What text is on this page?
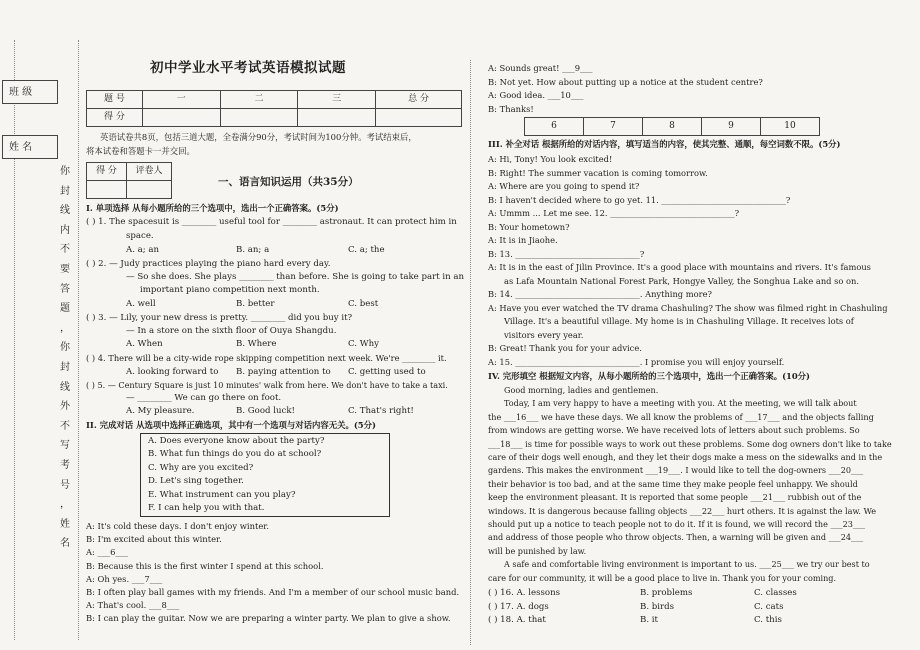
班 级
姓 名
你
封
线
内
不
要
答
题
，
你
封
线
外
不
写
考
号
，
姓
名
初中学业水平考试英语模拟试题
题 号	一	二	三	总 分
得 分				
英语试卷共8页，包括三道大题，全卷满分90分，考试时间为100分钟。考试结束后，
将本试卷和答题卡一并交回。
得 分	评卷人

一、语言知识运用（共35分）
I. 单项选择 从每小题所给的三个选项中，选出一个正确答案。(5分)
( ) 1. The spacesuit is ________ useful tool for ________ astronaut. It can protect him in
space.
A. a; an	B. an; a	C. a; the
( ) 2. — Judy practices playing the piano hard every day.
— So she does. She plays ________ than before. She is going to take part in an
important piano competition next month.
A. well	B. better	C. best
( ) 3. — Lily, your new dress is pretty. ________ did you buy it?
— In a store on the sixth floor of Ouya Shangdu.
A. When	B. Where	C. Why
( ) 4. There will be a city-wide rope skipping competition next week. We're ________ it.
A. looking forward to B. paying attention to C. getting used to
( ) 5. — Century Square is just 10 minutes' walk from here. We don't have to take a taxi.
— ________ We can go there on foot.
A. My pleasure.	B. Good luck!	C. That's right!
II. 完成对话 从选项中选择正确选项，其中有一个选项与对话内容无关。(5分)
A. Does everyone know about the party?
B. What fun things do you do at school?
C. Why are you excited?
D. Let's sing together.
E. What instrument can you play?
F. I can help you with that.
A: It's cold these days. I don't enjoy winter.
B: I'm excited about this winter.
A: ___6___
B: Because this is the first winter I spend at this school.
A: Oh yes. ___7___
B: I often play ball games with my friends. And I'm a member of our school music band.
A: That's cool. ___8___
B: I can play the guitar. Now we are preparing a winter party. We plan to give a show.
A: Sounds great! ___9___
B: Not yet. How about putting up a notice at the student centre?
A: Good idea. ___10___
B: Thanks!
6	7	8	9	10
III. 补全对话 根据所给的对话内容，填写适当的内容，使其完整、通顺，每空词数不限。(5分)
A: Hi, Tony! You look excited!
B: Right! The summer vacation is coming tomorrow.
A: Where are you going to spend it?
B: I haven't decided where to go yet. 11. ______________________________?
A: Ummm ... Let me see. 12. ______________________________?
B: Your hometown?
A: It is in Jiaohe.
B: 13. ______________________________?
A: It is in the east of Jilin Province. It's a good place with mountains and rivers. It's famous
as Lafa Mountain National Forest Park, Hongye Valley, the Songhua Lake and so on.
B: 14. ______________________________. Anything more?
A: Have you ever watched the TV drama Chashuling? The show was filmed right in Chashuling
Village. It's a beautiful village. My home is in Chashuling Village. It receives lots of
visitors every year.
B: Great! Thank you for your advice.
A: 15. ______________________________. I promise you will enjoy yourself.
IV. 完形填空 根据短文内容，从每小题所给的三个选项中，选出一个正确答案。(10分)
Good morning, ladies and gentlemen.
Today, I am very happy to have a meeting with you. At the meeting, we will talk about
the ___16___ we have these days. We all know the problems of ___17___ and the objects falling
from windows are getting worse. We have received lots of letters about such problems. So
___18___ is time for possible ways to work out these problems. Some dog owners don't like to take
care of their dogs well enough, and they let their dogs make a mess on the sidewalks and in the
gardens. This makes the environment ___19___. I would like to tell the dog-owners ___20___
their behavior is too bad, and at the same time they make people feel unhappy. We should
keep the environment pleasant. It is reported that some people ___21___ rubbish out of the
windows. It is dangerous because falling objects ___22___ hurt others. It is against the law. We
should put up a notice to teach people not to do it. If it is found, we will record the ___23___
and address of those people who throw objects. Then, a warning will be given and ___24___
will be punished by law.
A safe and comfortable living environment is important to us. ___25___ we try our best to
care for our community, it will be a good place to live in. Thank you for your coming.
( ) 16. A. lessons	B. problems	C. classes
( ) 17. A. dogs	B. birds	C. cats
( ) 18. A. that	B. it	C. this
